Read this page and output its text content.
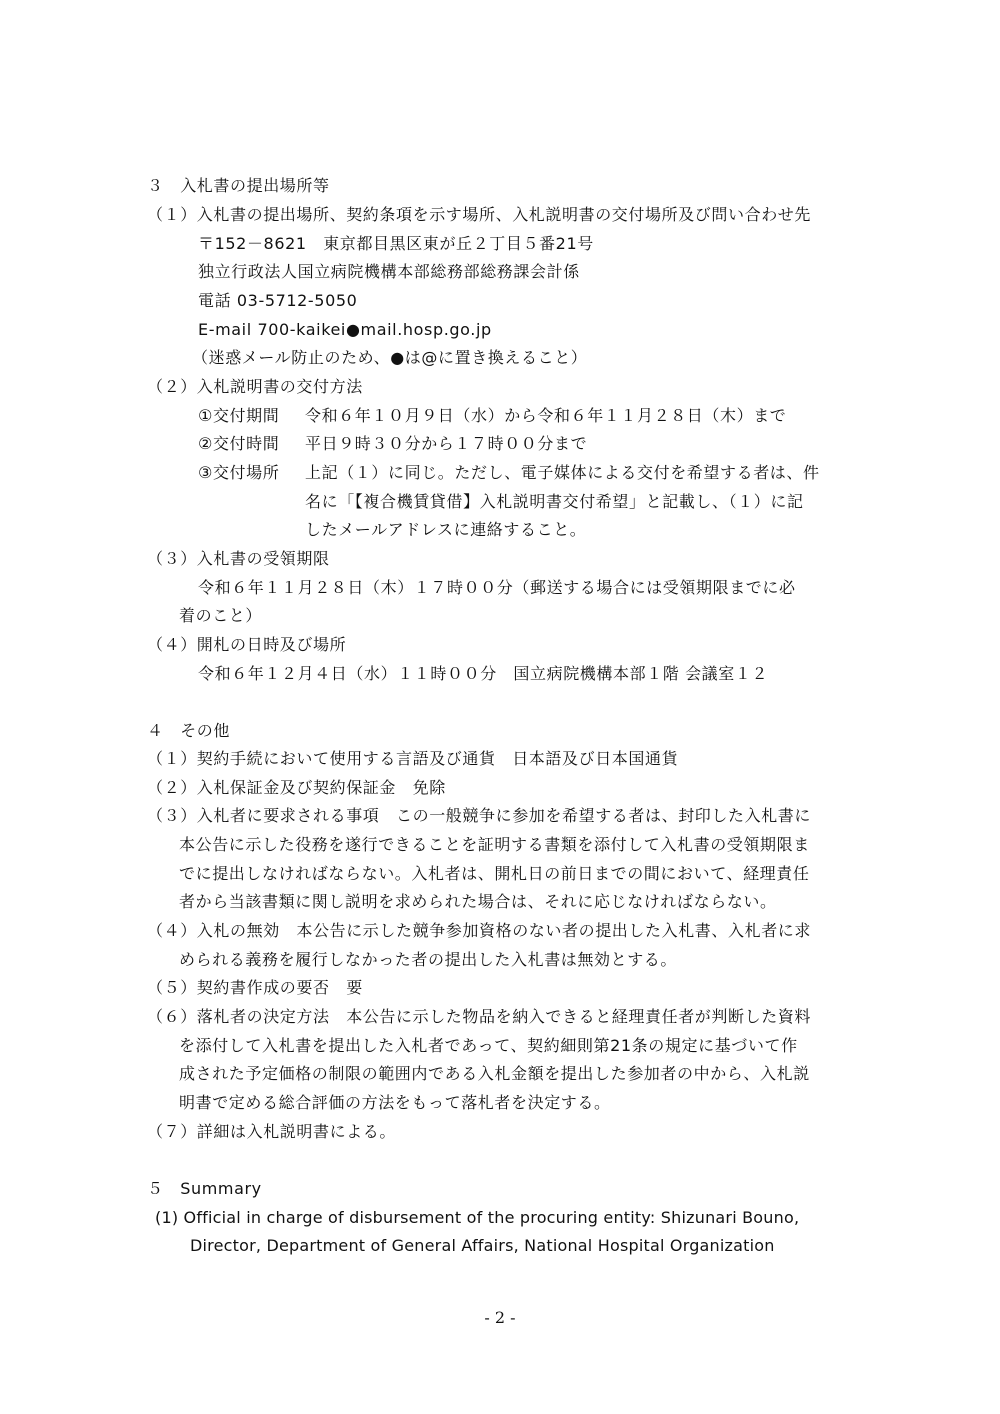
３　入札書の提出場所等
（１）入札書の提出場所、契約条項を示す場所、入札説明書の交付場所及び問い合わせ先
〒152－8621　東京都目黒区東が丘２丁目５番21号
独立行政法人国立病院機構本部総務部総務課会計係
電話 03-5712-5050
E-mail 700-kaikei●mail.hosp.go.jp
（迷惑メール防止のため、●は@に置き換えること）
（２）入札説明書の交付方法
①交付期間 令和６年１０月９日（水）から令和６年１１月２８日（木）まで
②交付時間 平日９時３０分から１７時００分まで
③交付場所 上記（１）に同じ。ただし、電子媒体による交付を希望する者は、件
名に「【複合機賃貸借】入札説明書交付希望」と記載し、（１）に記
したメールアドレスに連絡すること。
（３）入札書の受領期限
令和６年１１月２８日（木）１７時００分（郵送する場合には受領期限までに必
着のこと）
（４）開札の日時及び場所
令和６年１２月４日（水）１１時００分　国立病院機構本部１階 会議室１２
４　その他
（１）契約手続において使用する言語及び通貨　日本語及び日本国通貨
（２）入札保証金及び契約保証金　免除
（３）入札者に要求される事項　この一般競争に参加を希望する者は、封印した入札書に
本公告に示した役務を遂行できることを証明する書類を添付して入札書の受領期限ま
でに提出しなければならない。入札者は、開札日の前日までの間において、経理責任
者から当該書類に関し説明を求められた場合は、それに応じなければならない。
（４）入札の無効　本公告に示した競争参加資格のない者の提出した入札書、入札者に求
められる義務を履行しなかった者の提出した入札書は無効とする。
（５）契約書作成の要否　要
（６）落札者の決定方法　本公告に示した物品を納入できると経理責任者が判断した資料
を添付して入札書を提出した入札者であって、契約細則第21条の規定に基づいて作
成された予定価格の制限の範囲内である入札金額を提出した参加者の中から、入札説
明書で定める総合評価の方法をもって落札者を決定する。
（７）詳細は入札説明書による。
５　Summary
(1) Official in charge of disbursement of the procuring entity: Shizunari Bouno,
Director, Department of General Affairs, National Hospital Organization
- 2 -
